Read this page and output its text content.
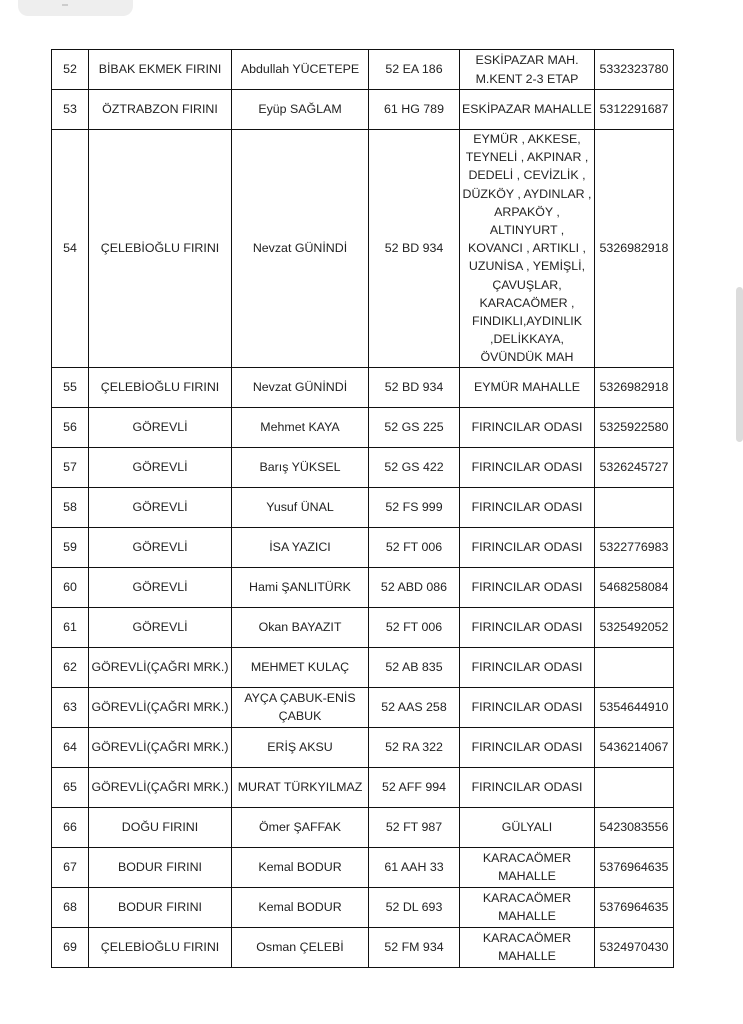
52	BİBAK EKMEK FIRINI	Abdullah YÜCETEPE	52 EA 186	ESKİPAZAR MAH. M.KENT 2-3 ETAP	5332323780
53	ÖZTRABZON FIRINI	Eyüp SAĞLAM	61 HG 789	ESKİPAZAR MAHALLE	5312291687
54	ÇELEBİOĞLU FIRINI	Nevzat GÜNİNDİ	52 BD 934	EYMÜR , AKKESE, TEYNELİ , AKPINAR , DEDELİ , CEVİZLİK , DÜZKÖY , AYDINLAR , ARPAKÖY , ALTINYURT , KOVANCI , ARTIKLI , UZUNİSA , YEMİŞLİ, ÇAVUŞLAR, KARACAÖMER , FINDIKLI,AYDINLIK ,DELİKKAYA, ÖVÜNDÜK MAH	5326982918
55	ÇELEBİOĞLU FIRINI	Nevzat GÜNİNDİ	52 BD 934	EYMÜR MAHALLE	5326982918
56	GÖREVLİ	Mehmet KAYA	52 GS 225	FIRINCILAR ODASI	5325922580
57	GÖREVLİ	Barış YÜKSEL	52 GS 422	FIRINCILAR ODASI	5326245727
58	GÖREVLİ	Yusuf ÜNAL	52 FS 999	FIRINCILAR ODASI	
59	GÖREVLİ	İSA YAZICI	52 FT 006	FIRINCILAR ODASI	5322776983
60	GÖREVLİ	Hami ŞANLITÜRK	52 ABD 086	FIRINCILAR ODASI	5468258084
61	GÖREVLİ	Okan BAYAZIT	52 FT 006	FIRINCILAR ODASI	5325492052
62	GÖREVLİ(ÇAĞRI MRK.)	MEHMET KULAÇ	52 AB 835	FIRINCILAR ODASI	
63	GÖREVLİ(ÇAĞRI MRK.)	AYÇA ÇABUK-ENİS ÇABUK	52 AAS 258	FIRINCILAR ODASI	5354644910
64	GÖREVLİ(ÇAĞRI MRK.)	ERİŞ AKSU	52 RA 322	FIRINCILAR ODASI	5436214067
65	GÖREVLİ(ÇAĞRI MRK.)	MURAT TÜRKYILMAZ	52 AFF 994	FIRINCILAR ODASI	
66	DOĞU FIRINI	Ömer ŞAFFAK	52 FT 987	GÜLYALI	5423083556
67	BODUR FIRINI	Kemal BODUR	61 AAH 33	KARACAÖMER MAHALLE	5376964635
68	BODUR FIRINI	Kemal BODUR	52 DL 693	KARACAÖMER MAHALLE	5376964635
69	ÇELEBİOĞLU FIRINI	Osman ÇELEBİ	52 FM 934	KARACAÖMER MAHALLE	5324970430
